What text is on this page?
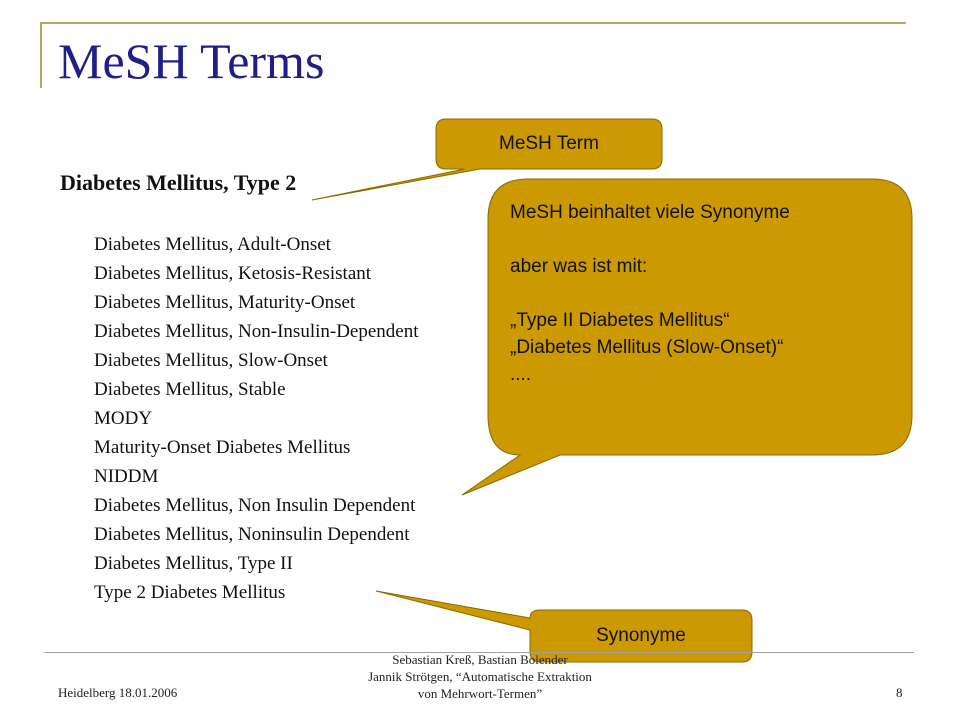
MeSH Terms
Diabetes Mellitus, Type 2
Diabetes Mellitus, Adult-Onset
Diabetes Mellitus, Ketosis-Resistant
Diabetes Mellitus, Maturity-Onset
Diabetes Mellitus, Non-Insulin-Dependent
Diabetes Mellitus, Slow-Onset
Diabetes Mellitus, Stable
MODY
Maturity-Onset Diabetes Mellitus
NIDDM
Diabetes Mellitus, Non Insulin Dependent
Diabetes Mellitus, Noninsulin Dependent
Diabetes Mellitus, Type II
Type 2 Diabetes Mellitus
MeSH Term
Synonyme
MeSH beinhaltet viele Synonyme
aber was ist mit:
„Type II Diabetes Mellitus“
„Diabetes Mellitus (Slow-Onset)“
....
Heidelberg 18.01.2006
Sebastian Kreß, Bastian Bolender
Jannik Strötgen, “Automatische Extraktion
von Mehrwort-Termen”	8
